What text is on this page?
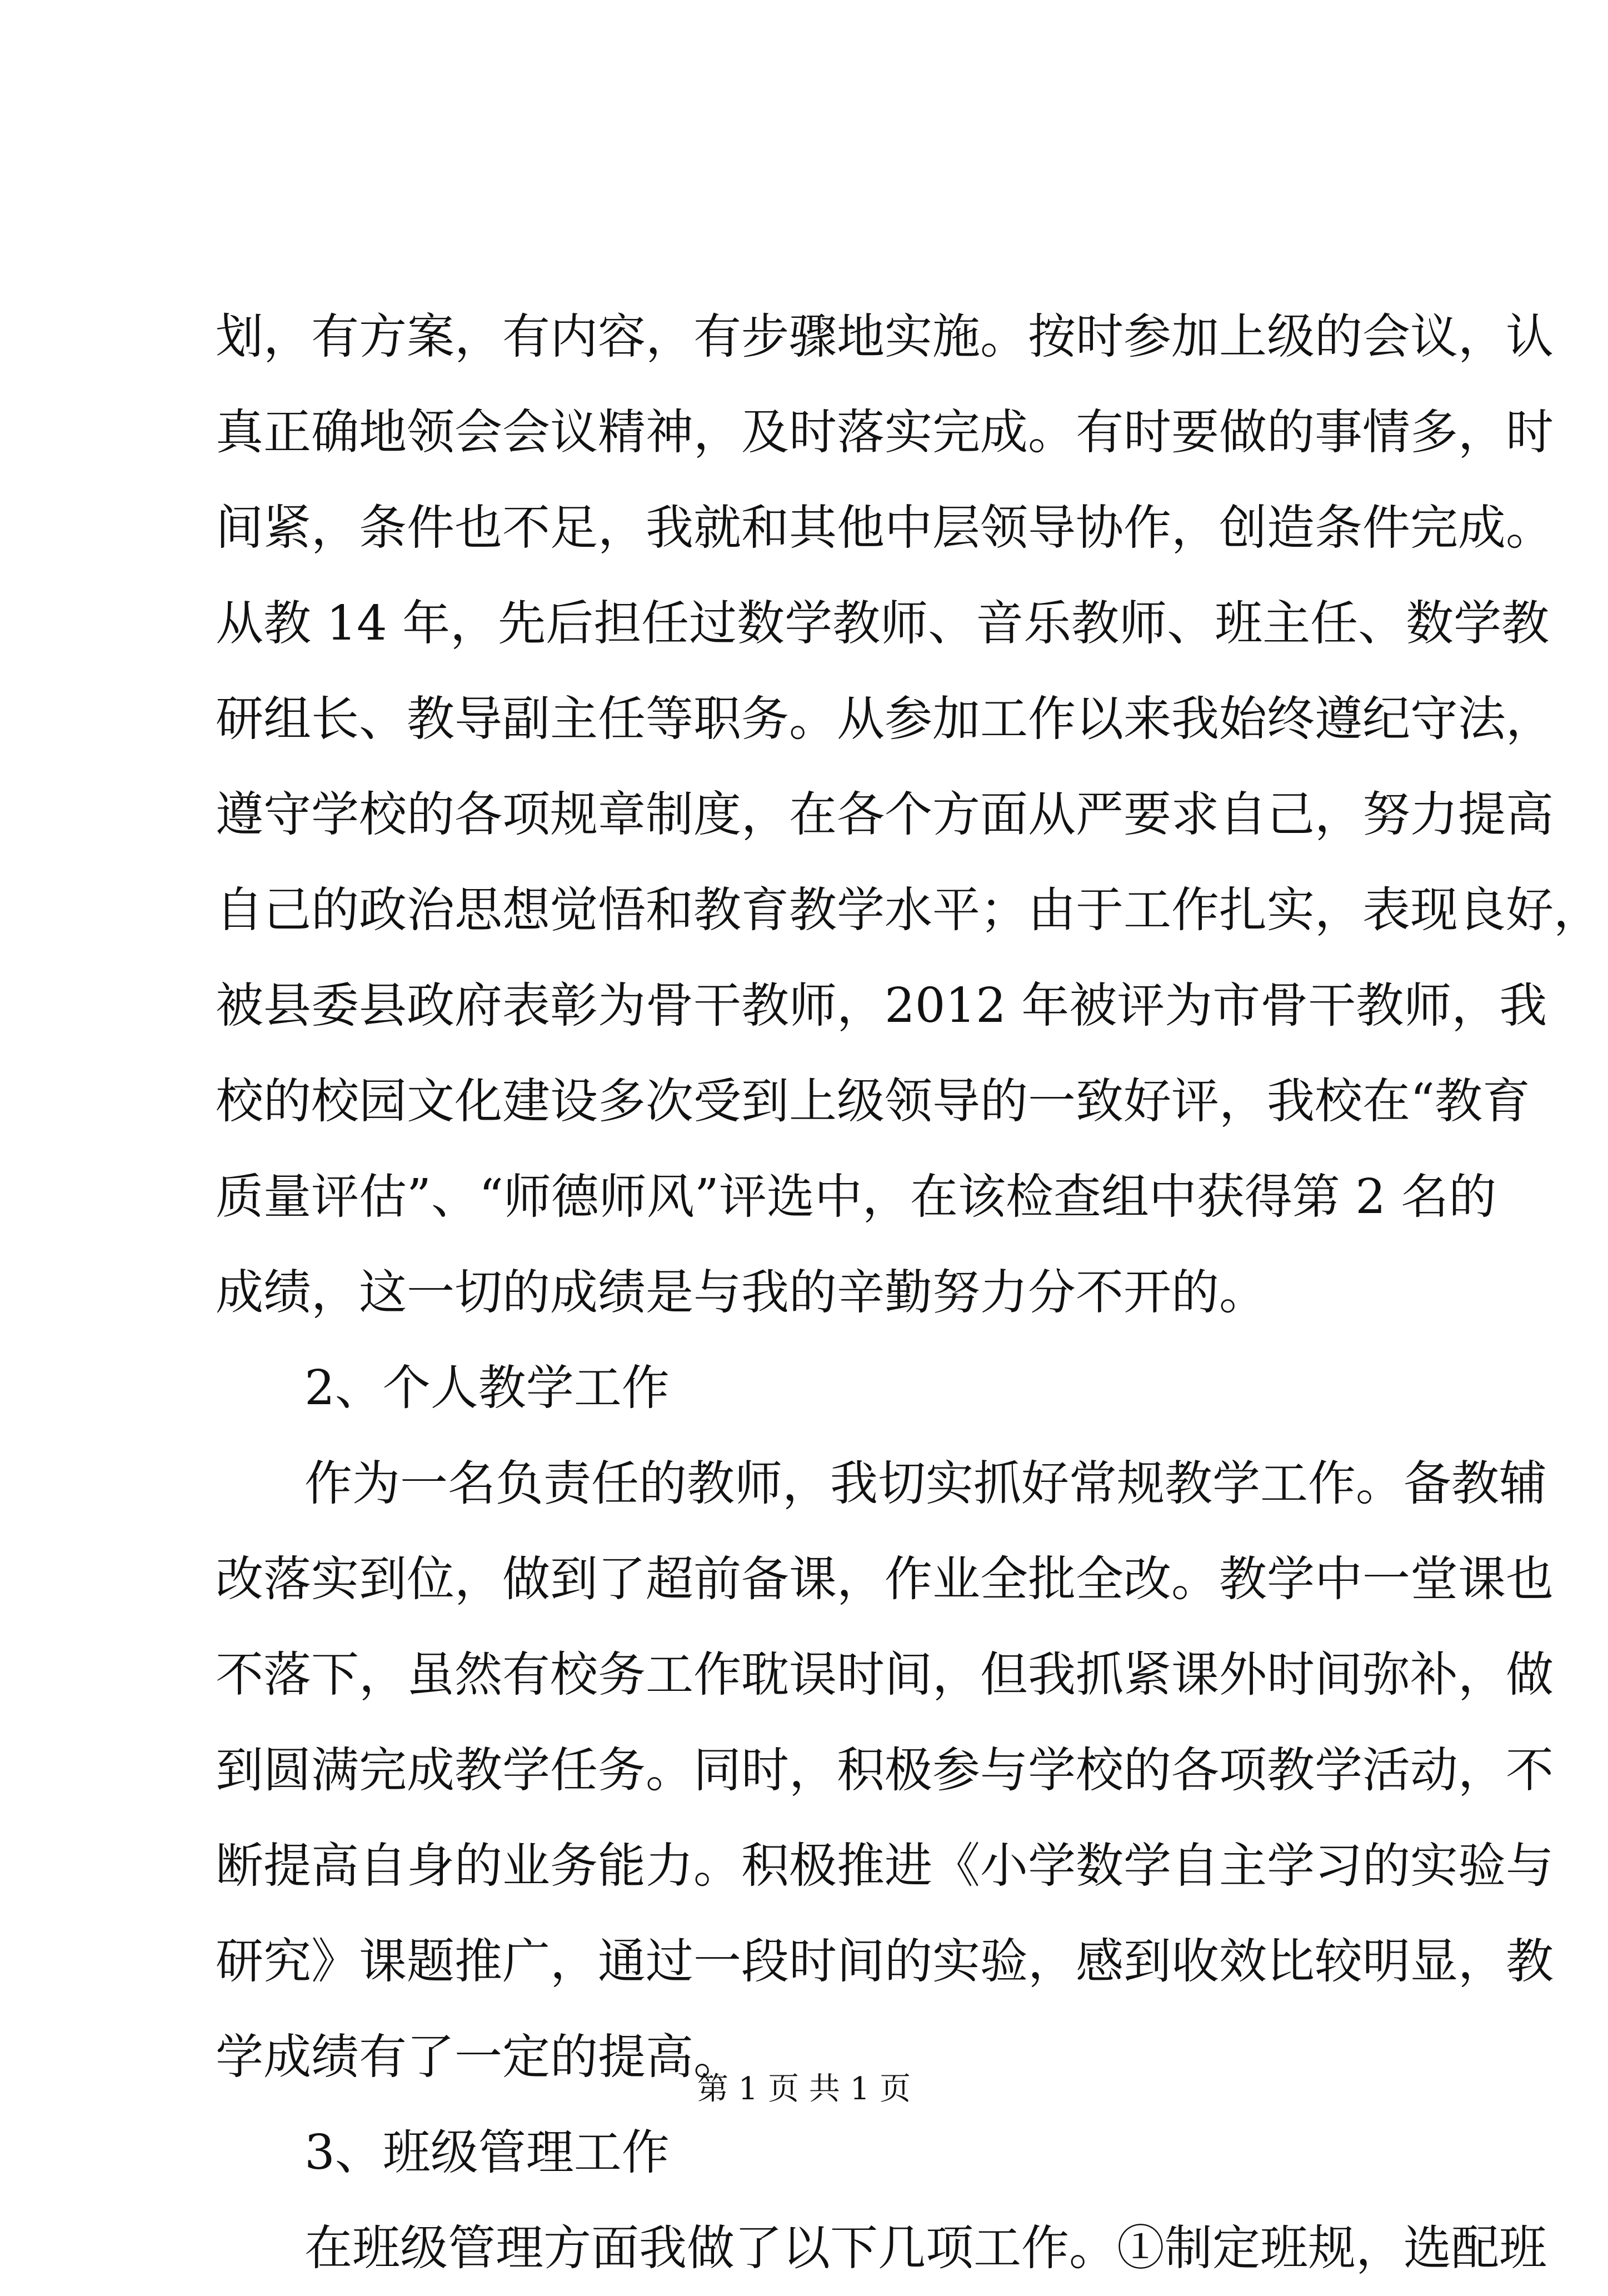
划，有方案，有内容，有步骤地实施。按时参加上级的会议，认
真正确地领会会议精神，及时落实完成。有时要做的事情多，时
间紧，条件也不足，我就和其他中层领导协作，创造条件完成。
从教 14 年，先后担任过数学教师、音乐教师、班主任、数学教
研组长、教导副主任等职务。从参加工作以来我始终遵纪守法，
遵守学校的各项规章制度，在各个方面从严要求自己，努力提高
自己的政治思想觉悟和教育教学水平；由于工作扎实，表现良好，
被县委县政府表彰为骨干教师，2012 年被评为市骨干教师，我
校的校园文化建设多次受到上级领导的一致好评，我校在“教育
质量评估”、“师德师风”评选中，在该检查组中获得第 2 名的
成绩，这一切的成绩是与我的辛勤努力分不开的。
2、个人教学工作
作为一名负责任的教师，我切实抓好常规教学工作。备教辅
改落实到位，做到了超前备课，作业全批全改。教学中一堂课也
不落下，虽然有校务工作耽误时间，但我抓紧课外时间弥补，做
到圆满完成教学任务。同时，积极参与学校的各项教学活动，不
断提高自身的业务能力。积极推进《小学数学自主学习的实验与
研究》课题推广，通过一段时间的实验，感到收效比较明显，教
学成绩有了一定的提高。
3、班级管理工作
在班级管理方面我做了以下几项工作。①制定班规，选配班
第 1 页 共 1 页
